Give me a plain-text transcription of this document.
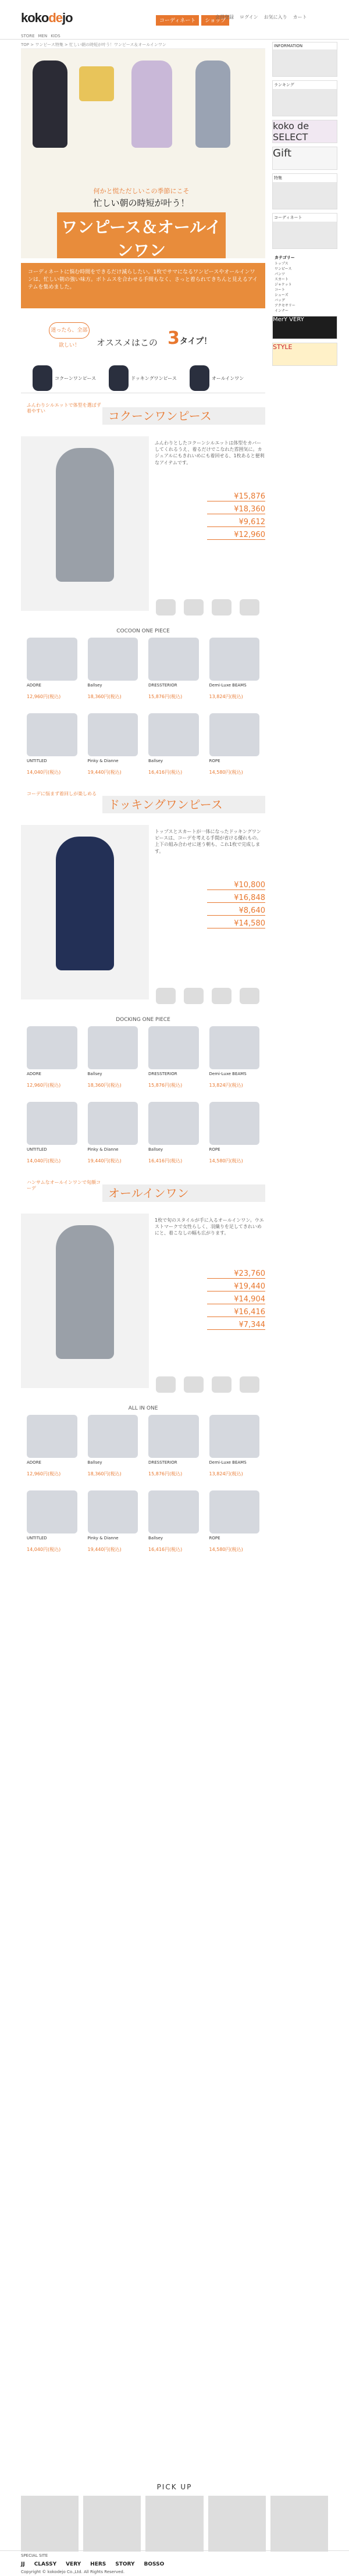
kokodejo	コーディネート	ショップ
会員登録 ログイン お気に入り カート
STORE MEN KIDS
TOP > ワンピース特集 > 忙しい朝の時短が叶う！ワンピース＆オールインワン
何かと慌ただしいこの季節にこそ
忙しい朝の時短が叶う！
ワンピース＆オールインワン
コーディネートに悩む時間をできるだけ減らしたい。1枚でサマになるワンピースやオールインワンは、忙しい朝の強い味方。ボトムスを合わせる手間もなく、さっと着られてきちんと見えるアイテムを集めました。
迷ったら、全部欲しい！	オススメはこの 3タイプ！
コクーンワンピース	ドッキングワンピース	オールインワン
ふんわりシルエットで体型を選ばず着やすい	コクーンワンピース
ふんわりとしたコクーンシルエットは体型をカバーしてくれるうえ、着るだけでこなれた雰囲気に。カジュアルにもきれいめにも着回せる、1枚あると便利なアイテムです。
¥15,876
¥18,360
¥9,612
¥12,960
COCOON ONE PIECE
ADORE
12,960円(税込)
Ballsey
18,360円(税込)
DRESSTERIOR
15,876円(税込)
Demi-Luxe BEAMS
13,824円(税込)
UNTITLED
14,040円(税込)
Pinky & Dianne
19,440円(税込)
Ballsey
16,416円(税込)
ROPE
14,580円(税込)
コーデに悩まず着回しが楽しめる
ドッキングワンピース
トップスとスカートが一体になったドッキングワンピースは、コーデを考える手間が省ける優れもの。上下の組み合わせに迷う朝も、これ1枚で完成します。
¥10,800
¥16,848
¥8,640
¥14,580
DOCKING ONE PIECE
ADORE
12,960円(税込)
Ballsey
18,360円(税込)
DRESSTERIOR
15,876円(税込)
Demi-Luxe BEAMS
13,824円(税込)
UNTITLED
14,040円(税込)
Pinky & Dianne
19,440円(税込)
Ballsey
16,416円(税込)
ROPE
14,580円(税込)
ハンサムなオールインワンで旬顔コーデ	オールインワン
1枚で旬のスタイルが手に入るオールインワン。ウエストマークで女性らしく、羽織りを足してきれいめにと、着こなしの幅も広がります。
¥23,760
¥19,440
¥14,904
¥16,416
¥7,344
ALL IN ONE
ADORE
12,960円(税込)
Ballsey
18,360円(税込)
DRESSTERIOR
15,876円(税込)
Demi-Luxe BEAMS
13,824円(税込)
UNTITLED
14,040円(税込)
Pinky & Dianne
19,440円(税込)
Ballsey
16,416円(税込)
ROPE
14,580円(税込)
INFORMATION
ランキング
koko de SELECT
Gift
特集
コーディネート
カテゴリー
トップス
ワンピース
パンツ
スカート
ジャケット
コート
シューズ
バッグ
アクセサリー
インナー
MerY VERY
STYLE
PICK UP
SPECIAL SITE
JJ CLASSY VERY HERS STORY BOSSO
Copyright © kokodejo Co.,Ltd. All Rights Reserved.
